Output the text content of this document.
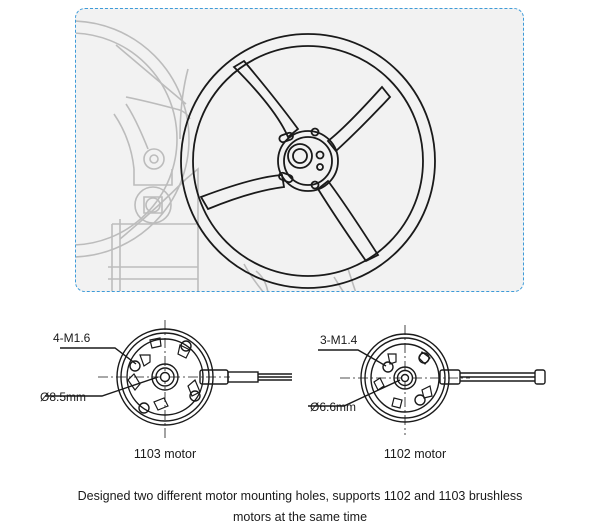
4-M1.6
Ø8.5mm
1103 motor
3-M1.4
Ø6.6mm
1102 motor
Designed two different motor mounting holes, supports 1102 and 1103 brushless
motors at the same time
